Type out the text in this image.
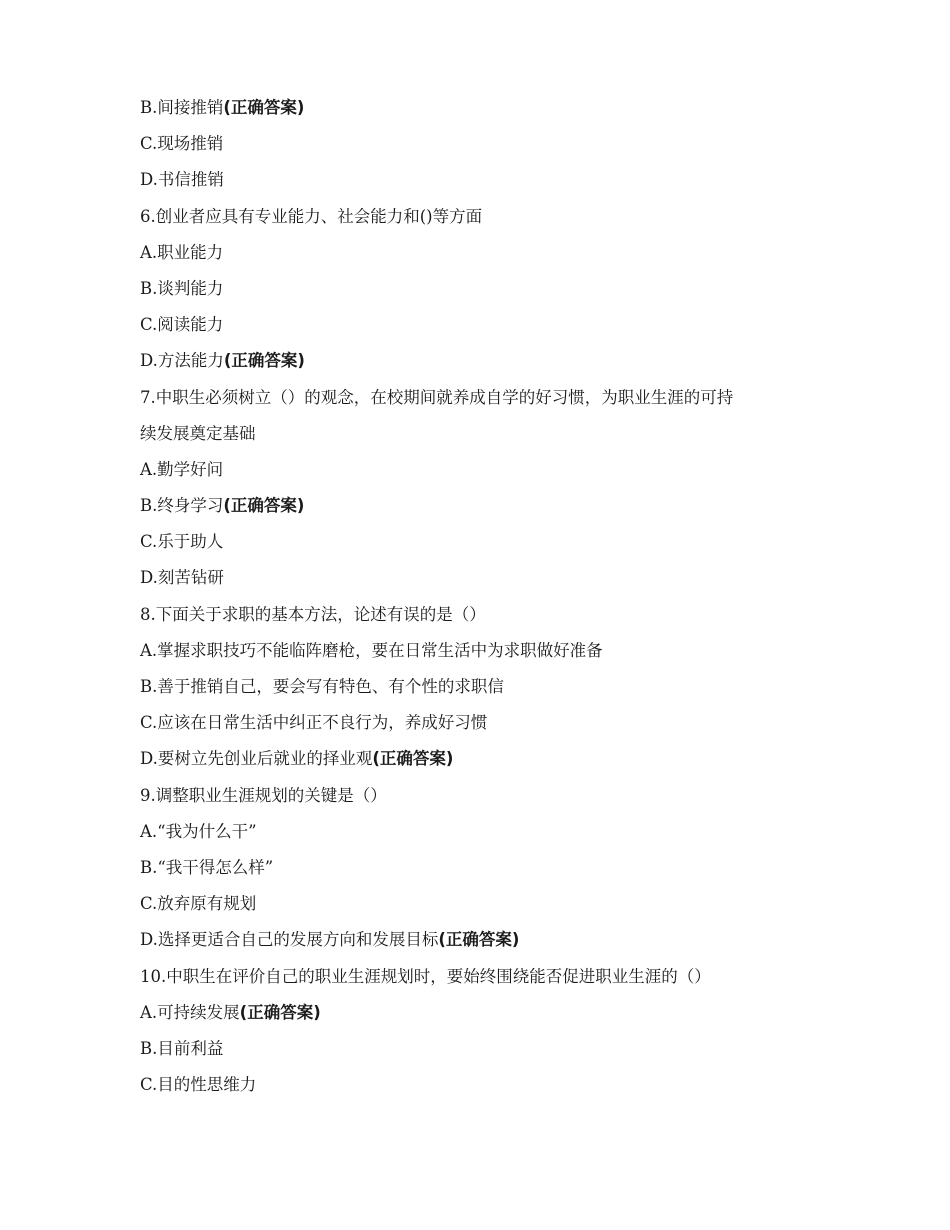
B.间接推销(正确答案)
C.现场推销
D.书信推销
6.创业者应具有专业能力、社会能力和()等方面
A.职业能力
B.谈判能力
C.阅读能力
D.方法能力(正确答案)
7.中职生必须树立（）的观念，在校期间就养成自学的好习惯，为职业生涯的可持
续发展奠定基础
A.勤学好问
B.终身学习(正确答案)
C.乐于助人
D.刻苦钻研
8.下面关于求职的基本方法，论述有误的是（）
A.掌握求职技巧不能临阵磨枪，要在日常生活中为求职做好准备
B.善于推销自己，要会写有特色、有个性的求职信
C.应该在日常生活中纠正不良行为，养成好习惯
D.要树立先创业后就业的择业观(正确答案)
9.调整职业生涯规划的关键是（）
A.“我为什么干”
B.“我干得怎么样”
C.放弃原有规划
D.选择更适合自己的发展方向和发展目标(正确答案)
10.中职生在评价自己的职业生涯规划时，要始终围绕能否促进职业生涯的（）
A.可持续发展(正确答案)
B.目前利益
C.目的性思维力
